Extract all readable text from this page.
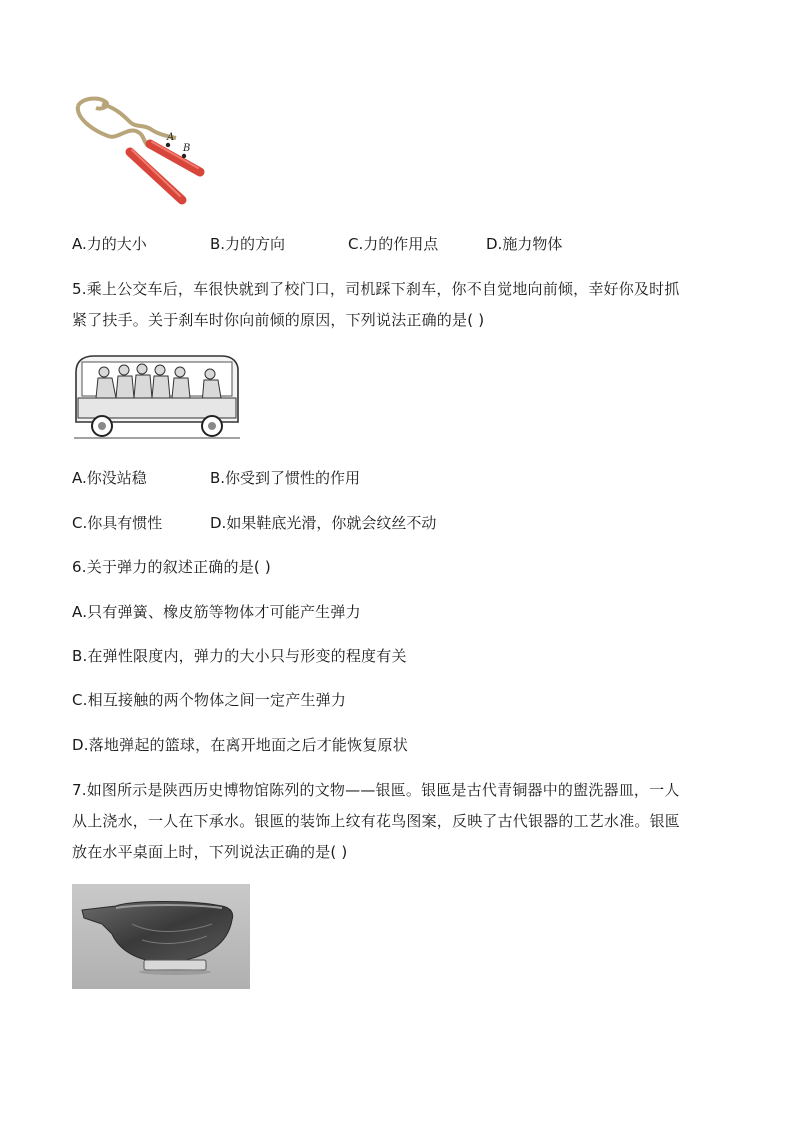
A
B
A.力的大小	B.力的方向	C.力的作用点	D.施力物体
5.乘上公交车后，车很快就到了校门口，司机踩下刹车，你不自觉地向前倾，幸好你及时抓
紧了扶手。关于刹车时你向前倾的原因，下列说法正确的是( )
A.你没站稳	B.你受到了惯性的作用
C.你具有惯性	D.如果鞋底光滑，你就会纹丝不动
6.关于弹力的叙述正确的是( )
A.只有弹簧、橡皮筋等物体才可能产生弹力
B.在弹性限度内，弹力的大小只与形变的程度有关
C.相互接触的两个物体之间一定产生弹力
D.落地弹起的篮球，在离开地面之后才能恢复原状
7.如图所示是陕西历史博物馆陈列的文物——银匜。银匜是古代青铜器中的盥洗器皿，一人
从上浇水，一人在下承水。银匜的装饰上纹有花鸟图案，反映了古代银器的工艺水准。银匜
放在水平桌面上时，下列说法正确的是( )
